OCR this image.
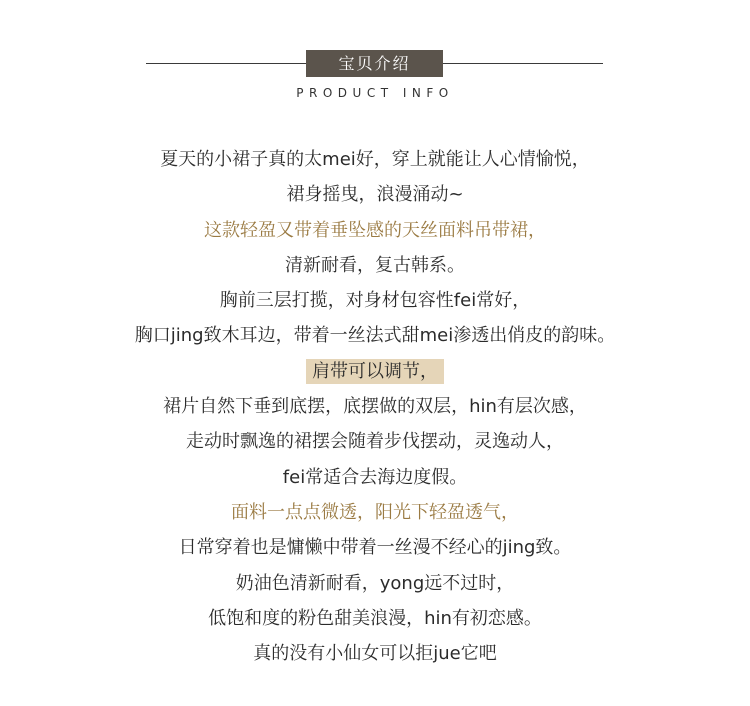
宝贝介绍
PRODUCT INFO
夏天的小裙子真的太mei好，穿上就能让人心情愉悦，
裙身摇曳，浪漫涌动~
这款轻盈又带着垂坠感的天丝面料吊带裙，
清新耐看，复古韩系。
胸前三层打揽，对身材包容性fei常好，
胸口jing致木耳边，带着一丝法式甜mei渗透出俏皮的韵味。
肩带可以调节，
裙片自然下垂到底摆，底摆做的双层，hin有层次感，
走动时飘逸的裙摆会随着步伐摆动，灵逸动人，
fei常适合去海边度假。
面料一点点微透，阳光下轻盈透气，
日常穿着也是慵懒中带着一丝漫不经心的jing致。
奶油色清新耐看，yong远不过时，
低饱和度的粉色甜美浪漫，hin有初恋感。
真的没有小仙女可以拒jue它吧
